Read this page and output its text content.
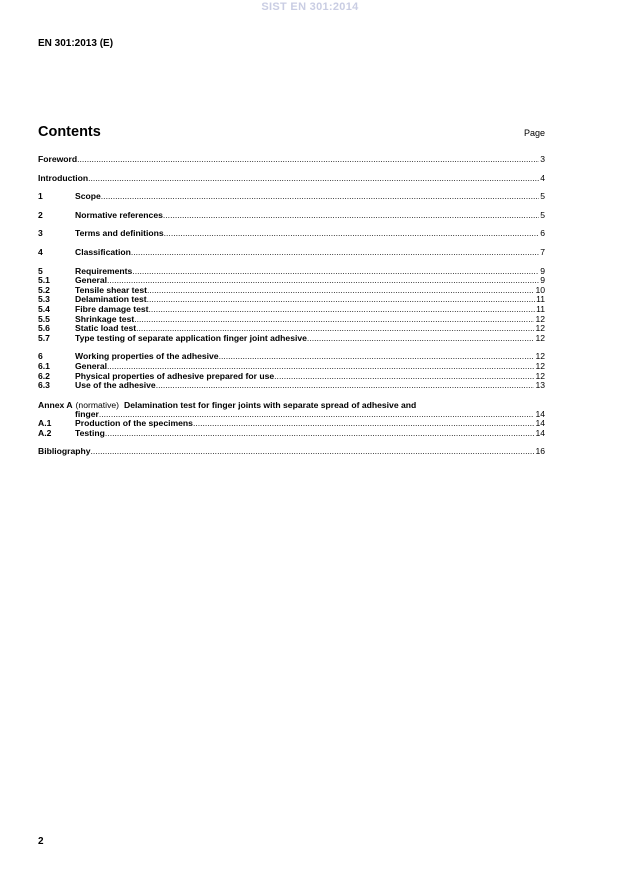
SIST EN 301:2014
EN 301:2013 (E)
Contents	Page
Foreword .....	3
Introduction .....	4
1	Scope .....	5
2	Normative references .....	5
3	Terms and definitions .....	6
4	Classification .....	7
5	Requirements .....	9
5.1	General .....	9
5.2	Tensile shear test .....	10
5.3	Delamination test .....	11
5.4	Fibre damage test .....	11
5.5	Shrinkage test .....	12
5.6	Static load test .....	12
5.7	Type testing of separate application finger joint adhesive .....	12
6	Working properties of the adhesive .....	12
6.1	General .....	12
6.2	Physical properties of adhesive prepared for use .....	12
6.3	Use of the adhesive .....	13
Annex A (normative) Delamination test for finger joints with separate spread of adhesive and
finger .....	14
A.1	Production of the specimens .....	14
A.2	Testing .....	14
Bibliography .....	16
2
